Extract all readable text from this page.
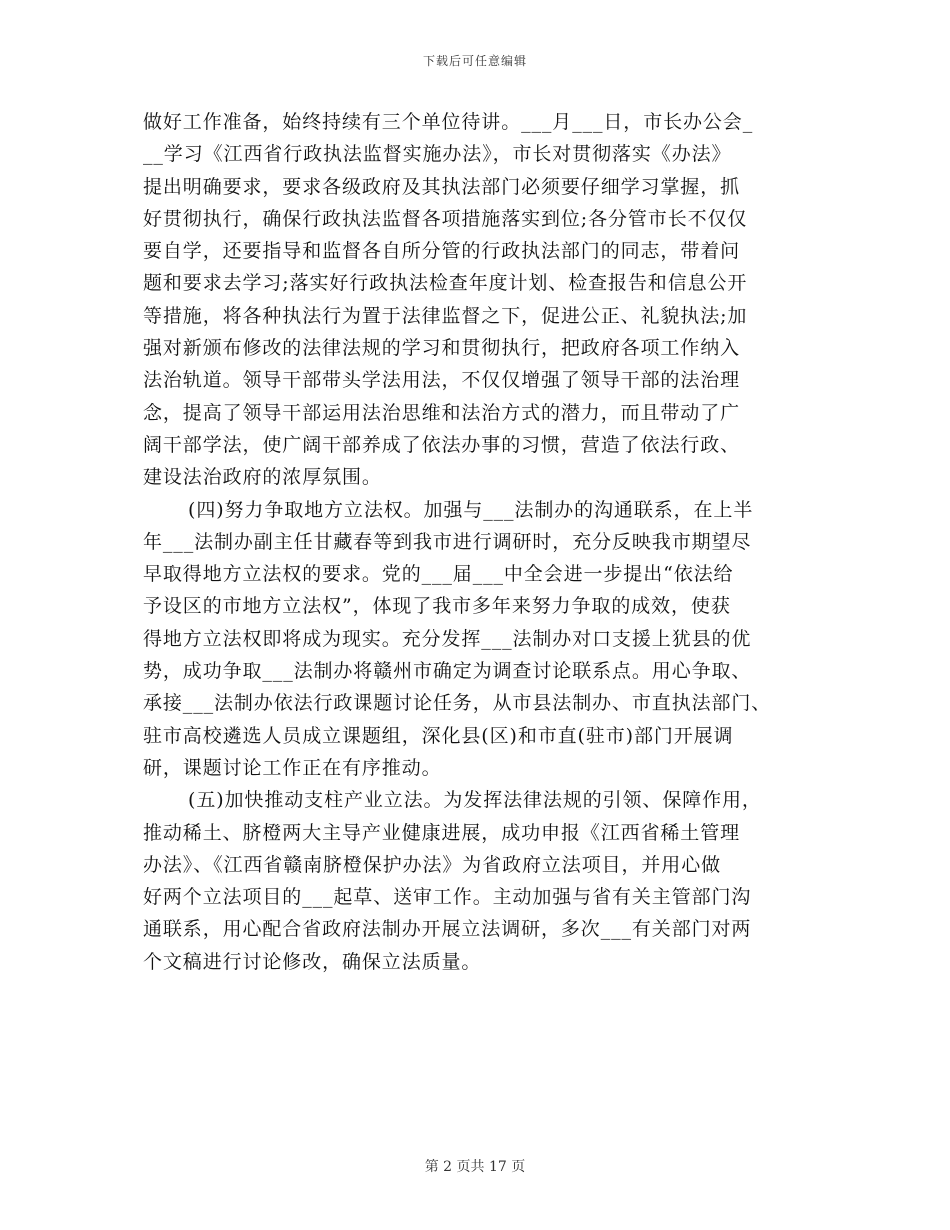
下载后可任意编辑
做好工作准备，始终持续有三个单位待讲。___月___日，市长办公会_
__学习《江西省行政执法监督实施办法》，市长对贯彻落实《办法》
提出明确要求，要求各级政府及其执法部门必须要仔细学习掌握，抓
好贯彻执行，确保行政执法监督各项措施落实到位;各分管市长不仅仅
要自学，还要指导和监督各自所分管的行政执法部门的同志，带着问
题和要求去学习;落实好行政执法检查年度计划、检查报告和信息公开
等措施，将各种执法行为置于法律监督之下，促进公正、礼貌执法;加
强对新颁布修改的法律法规的学习和贯彻执行，把政府各项工作纳入
法治轨道。领导干部带头学法用法，不仅仅增强了领导干部的法治理
念，提高了领导干部运用法治思维和法治方式的潜力，而且带动了广
阔干部学法，使广阔干部养成了依法办事的习惯，营造了依法行政、
建设法治政府的浓厚氛围。
(四)努力争取地方立法权。加强与___法制办的沟通联系，在上半
年___法制办副主任甘藏春等到我市进行调研时，充分反映我市期望尽
早取得地方立法权的要求。党的___届___中全会进一步提出“依法给
予设区的市地方立法权”，体现了我市多年来努力争取的成效，使获
得地方立法权即将成为现实。充分发挥___法制办对口支援上犹县的优
势，成功争取___法制办将赣州市确定为调查讨论联系点。用心争取、
承接___法制办依法行政课题讨论任务，从市县法制办、市直执法部门、
驻市高校遴选人员成立课题组，深化县(区)和市直(驻市)部门开展调
研，课题讨论工作正在有序推动。
(五)加快推动支柱产业立法。为发挥法律法规的引领、保障作用，
推动稀土、脐橙两大主导产业健康进展，成功申报《江西省稀土管理
办法》、《江西省赣南脐橙保护办法》为省政府立法项目，并用心做
好两个立法项目的___起草、送审工作。主动加强与省有关主管部门沟
通联系，用心配合省政府法制办开展立法调研，多次___有关部门对两
个文稿进行讨论修改，确保立法质量。
第 2 页共 17 页
